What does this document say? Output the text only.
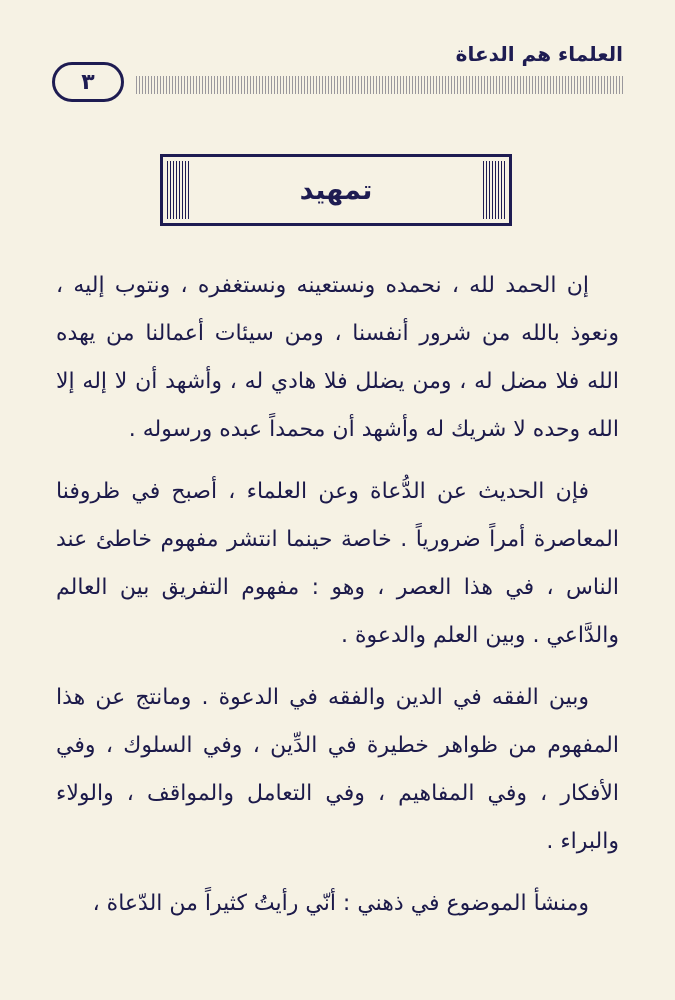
العلماء هم الدعاة
٣
تمهيد

إن الحمد لله ، نحمده ونستعينه ونستغفره ، ونتوب إليه ، ونعوذ بالله من شرور أنفسنا ، ومن سيئات أعمالنا من يهده الله فلا مضل له ، ومن يضلل فلا هادي له ، وأشهد أن لا إله إلا الله وحده لا شريك له وأشهد أن محمداً عبده ورسوله .

فإن الحديث عن الدُّعاة وعن العلماء ، أصبح في ظروفنا المعاصرة أمراً ضرورياً . خاصة حينما انتشر مفهوم خاطئ عند الناس ، في هذا العصر ، وهو : مفهوم التفريق بين العالم والدَّاعي . وبين العلم والدعوة .

وبين الفقه في الدين والفقه في الدعوة . ومانتج عن هذا المفهوم من ظواهر خطيرة في الدِّين ، وفي السلوك ، وفي الأفكار ، وفي المفاهيم ، وفي التعامل والمواقف ، والولاء والبراء .

ومنشأ الموضوع في ذهني : أنّي رأيتُ كثيراً من الدّعاة ،
